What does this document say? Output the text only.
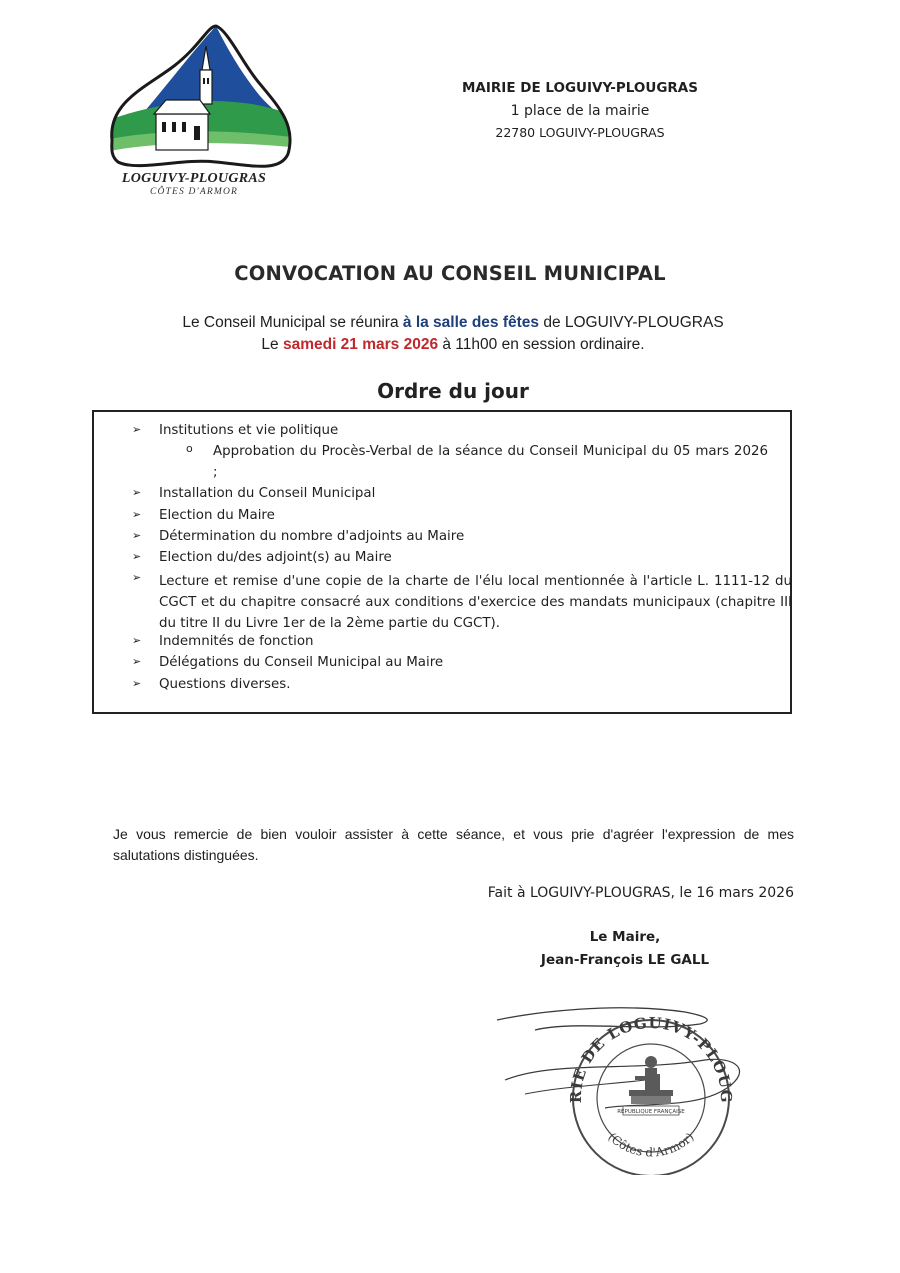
LOGUIVY-PLOUGRAS
CÔTES D'ARMOR
MAIRIE DE LOGUIVY-PLOUGRAS
1 place de la mairie
22780 LOGUIVY-PLOUGRAS
CONVOCATION AU CONSEIL MUNICIPAL
Le Conseil Municipal se réunira à la salle des fêtes de LOGUIVY-PLOUGRAS
Le samedi 21 mars 2026 à 11h00 en session ordinaire.
Ordre du jour
➢ Institutions et vie politique
o Approbation du Procès-Verbal de la séance du Conseil Municipal du 05 mars 2026 ;
➢ Installation du Conseil Municipal
➢ Election du Maire
➢ Détermination du nombre d'adjoints au Maire
➢ Election du/des adjoint(s) au Maire
➢ Lecture et remise d'une copie de la charte de l'élu local mentionnée à l'article L. 1111-12 du CGCT et du chapitre consacré aux conditions d'exercice des mandats municipaux (chapitre III du titre II du Livre 1er de la 2ème partie du CGCT).
➢ Indemnités de fonction
➢ Délégations du Conseil Municipal au Maire
➢ Questions diverses.
Je vous remercie de bien vouloir assister à cette séance, et vous prie d'agréer l'expression de mes salutations distinguées.
Fait à LOGUIVY-PLOUGRAS, le 16 mars 2026
Le Maire,
Jean-François LE GALL
RIE DE LOGUIVY-PLOUG
(Côtes d'Armor)
RÉPUBLIQUE FRANÇAISE
